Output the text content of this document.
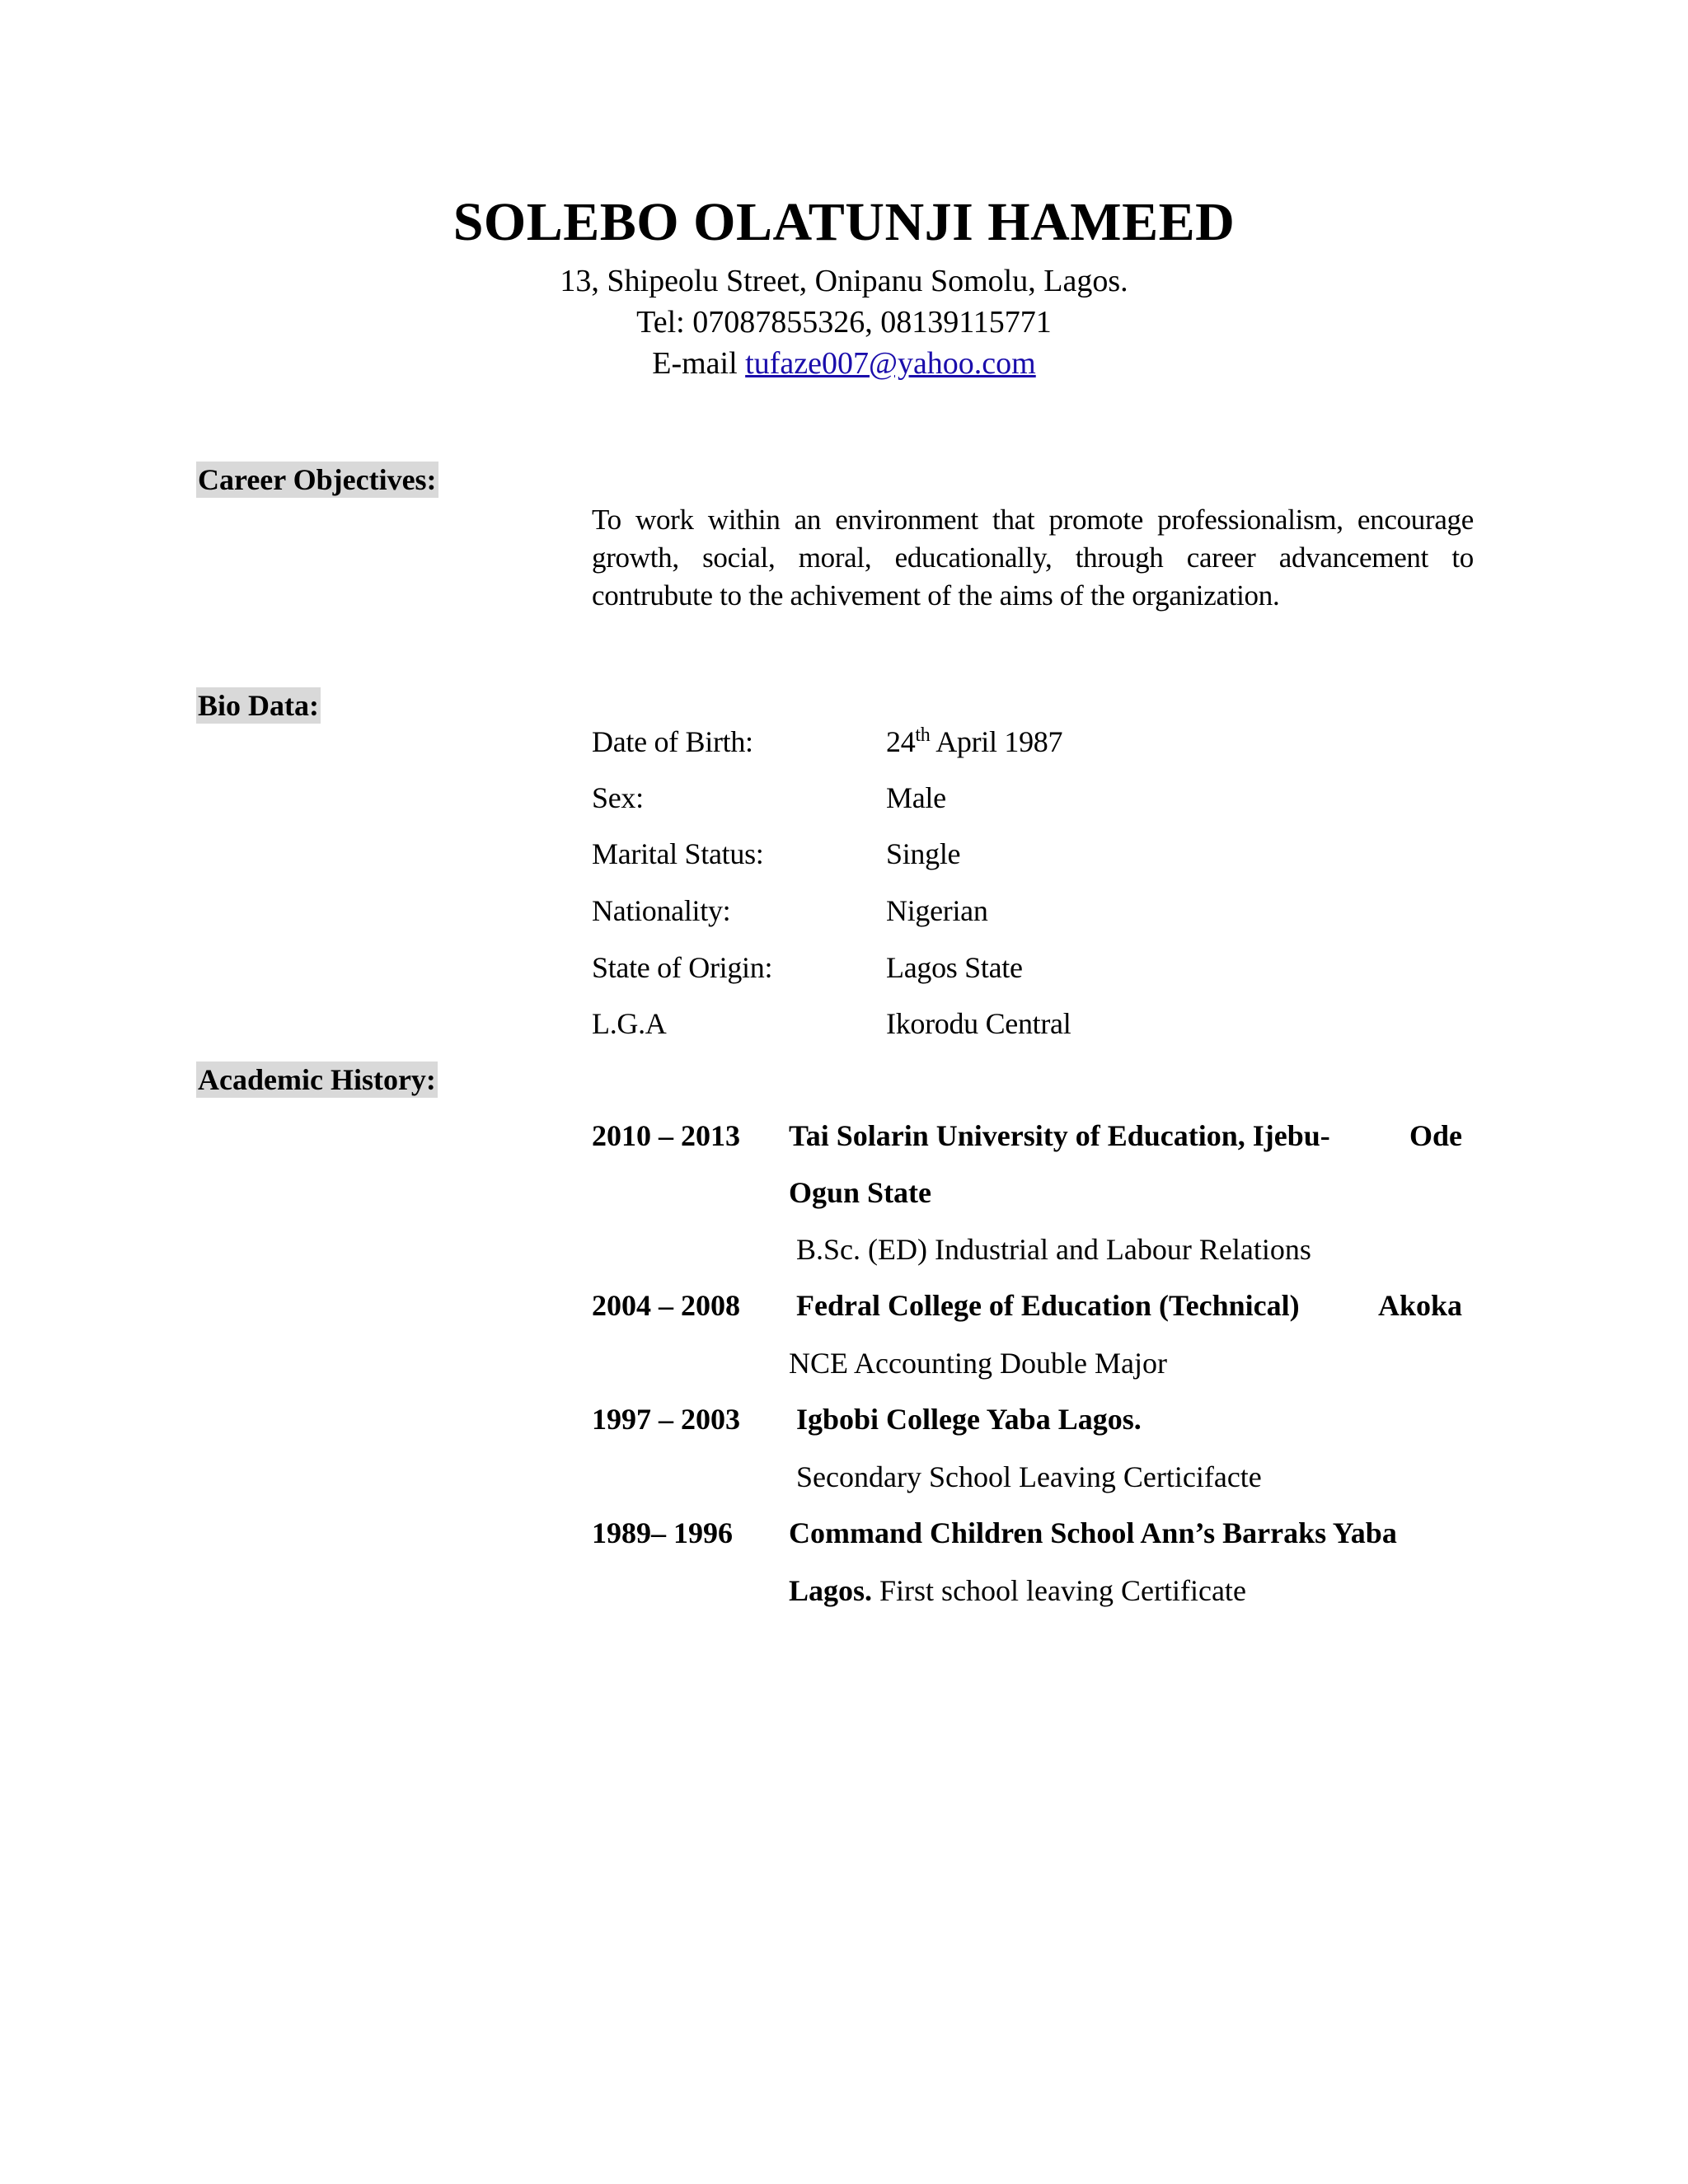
SOLEBO OLATUNJI HAMEED
13, Shipeolu Street, Onipanu Somolu, Lagos.
Tel: 07087855326, 08139115771
E-mail tufaze007@yahoo.com
Career Objectives:
To work within an environment that promote professionalism, encourage growth, social, moral, educationally, through career advancement to contrubute to the achivement of the aims of the organization.
Bio Data:
Date of Birth:	24th April 1987
Sex:	Male
Marital Status:	Single
Nationality:	Nigerian
State of Origin:	Lagos State
L.G.A	Ikorodu Central
Academic History:
2010 – 2013 Tai Solarin University of Education, Ijebu-	Ode
Ogun State
B.Sc. (ED) Industrial and Labour Relations
2004 – 2008 Fedral College of Education (Technical)	Akoka
NCE Accounting Double Major
1997 – 2003 Igbobi College Yaba Lagos.
Secondary School Leaving Certicifacte
1989– 1996 Command Children School Ann’s Barraks Yaba
Lagos. First school leaving Certificate
